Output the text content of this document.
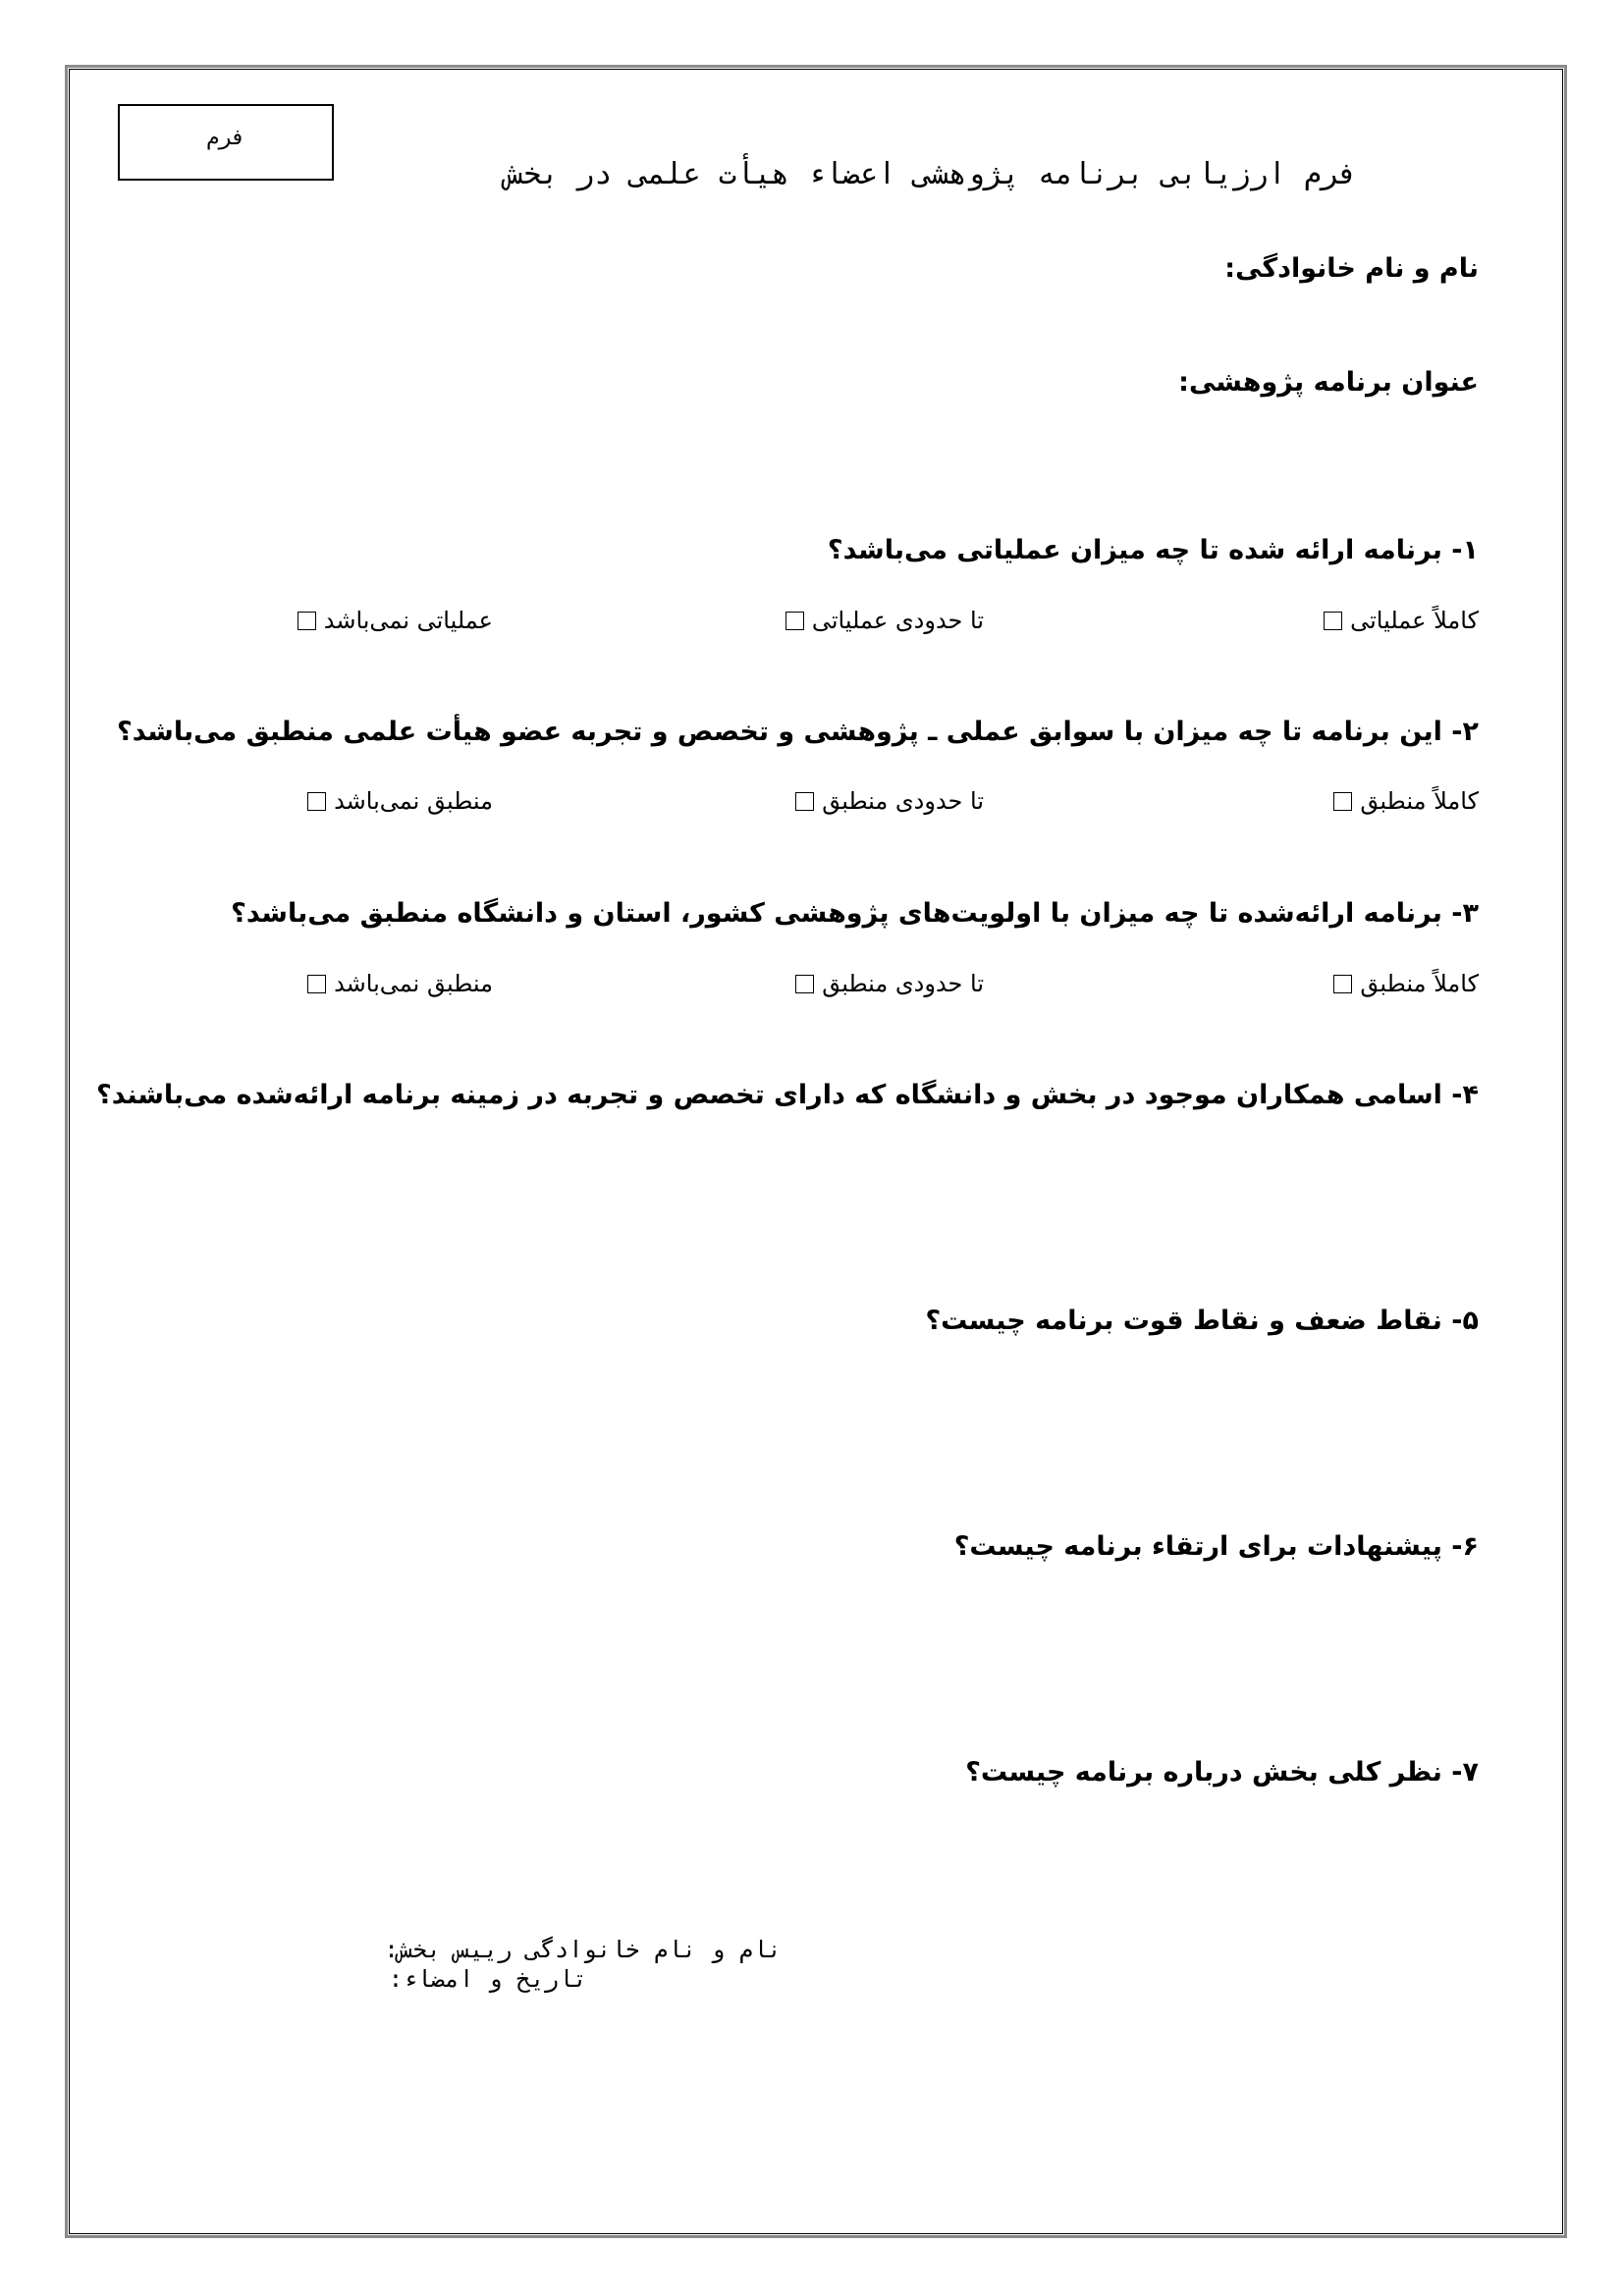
فرم
فرم ارزیابی برنامه پژوهشی اعضاء هیأت علمی در بخش
نام و نام خانوادگی:
عنوان برنامه پژوهشی:
۱- برنامه ارائه شده تا چه میزان عملیاتی می‌باشد؟
کاملاً عملیاتی
تا حدودی عملیاتی
عملیاتی نمی‌باشد
۲- این برنامه تا چه میزان با سوابق عملی ـ پژوهشی و تخصص و تجربه عضو هیأت علمی منطبق می‌باشد؟
کاملاً منطبق
تا حدودی منطبق
منطبق نمی‌باشد
۳- برنامه ارائه‌شده تا چه میزان با اولویت‌های پژوهشی کشور، استان و دانشگاه منطبق می‌باشد؟
کاملاً منطبق
تا حدودی منطبق
منطبق نمی‌باشد
۴- اسامی همکاران موجود در بخش و دانشگاه که دارای تخصص و تجربه در زمینه برنامه ارائه‌شده می‌باشند؟
۵- نقاط ضعف و نقاط قوت برنامه چیست؟
۶- پیشنهادات برای ارتقاء برنامه چیست؟
۷- نظر کلی بخش درباره برنامه چیست؟
نام و نام خانوادگی رییس بخش:
تاریخ و امضاء:
